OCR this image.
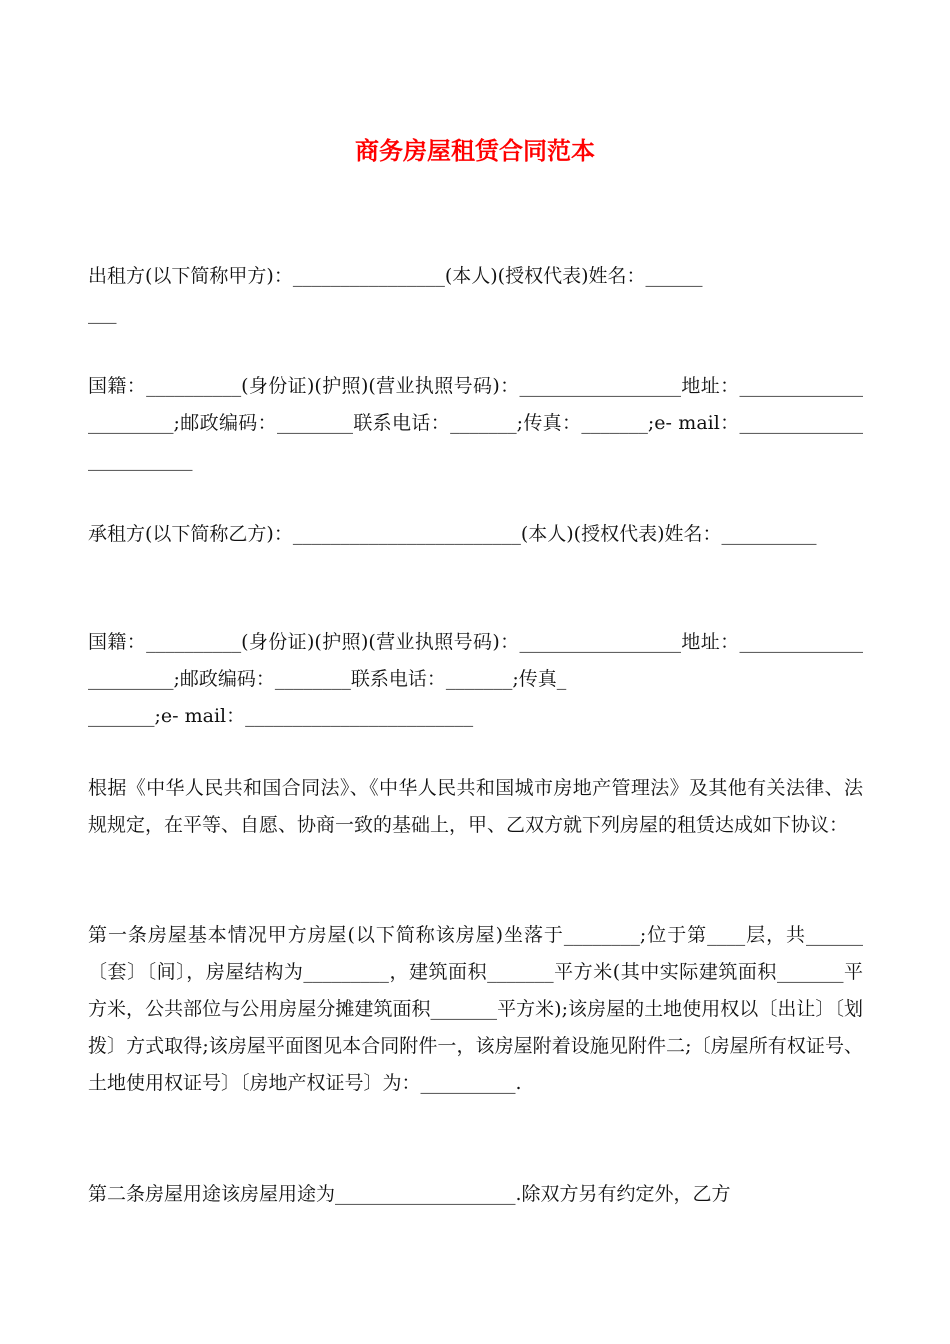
商务房屋租赁合同范本
出租方(以下简称甲方)：________________(本人)(授权代表)姓名：______
___
国籍：__________(身份证)(护照)(营业执照号码)：_________________地址：______________________;邮政编码：________联系电话：_______;传真：_______;e- mail：________________________
承租方(以下简称乙方)：________________________(本人)(授权代表)姓名：__________
国籍：__________(身份证)(护照)(营业执照号码)：_________________地址：______________________;邮政编码：________联系电话：_______;传真_
_______;e- mail：________________________
根据《中华人民共和国合同法》、《中华人民共和国城市房地产管理法》及其他有关法律、法规规定，在平等、自愿、协商一致的基础上，甲、乙双方就下列房屋的租赁达成如下协议：
第一条房屋基本情况甲方房屋(以下简称该房屋)坐落于________;位于第____层，共______〔套〕〔间〕，房屋结构为_________，建筑面积_______平方米(其中实际建筑面积_______平方米，公共部位与公用房屋分摊建筑面积_______平方米);该房屋的土地使用权以〔出让〕〔划拨〕方式取得;该房屋平面图见本合同附件一，该房屋附着设施见附件二;〔房屋所有权证号、土地使用权证号〕〔房地产权证号〕为：__________.
第二条房屋用途该房屋用途为___________________.除双方另有约定外，乙方
